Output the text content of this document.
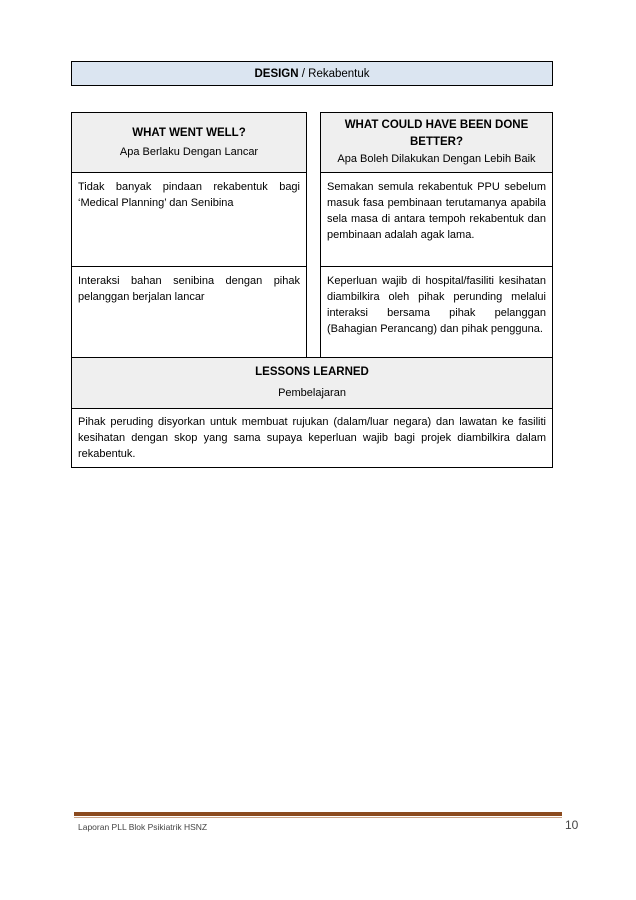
DESIGN / Rekabentuk
WHAT WENT WELL?
Apa Berlaku Dengan Lancar
WHAT COULD HAVE BEEN DONE BETTER?
Apa Boleh Dilakukan Dengan Lebih Baik
Tidak banyak pindaan rekabentuk bagi ‘Medical Planning’ dan Senibina
Semakan semula rekabentuk PPU sebelum masuk fasa pembinaan terutamanya apabila sela masa di antara tempoh rekabentuk dan pembinaan adalah agak lama.
Interaksi bahan senibina dengan pihak pelanggan berjalan lancar
Keperluan wajib di hospital/fasiliti kesihatan diambilkira oleh pihak perunding melalui interaksi bersama pihak pelanggan (Bahagian Perancang) dan pihak pengguna.
LESSONS LEARNED
Pembelajaran
Pihak peruding disyorkan untuk membuat rujukan (dalam/luar negara) dan lawatan ke fasiliti kesihatan dengan skop yang sama supaya keperluan wajib bagi projek diambilkira dalam rekabentuk.
Laporan PLL Blok Psikiatrik HSNZ	10
